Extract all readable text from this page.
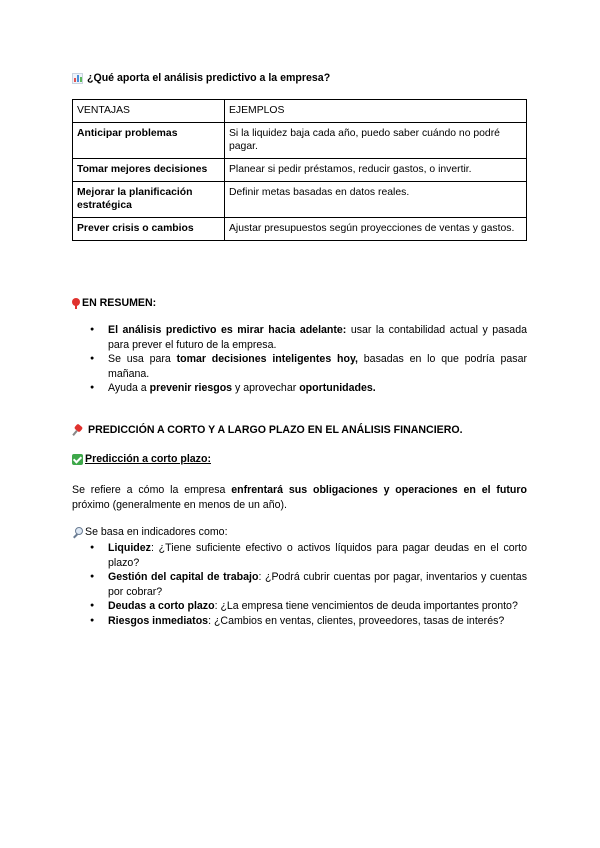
¿Qué aporta el análisis predictivo a la empresa?
VENTAJAS	EJEMPLOS
Anticipar problemas	Si la liquidez baja cada año, puedo saber cuándo no podré pagar.
Tomar mejores decisiones	Planear si pedir préstamos, reducir gastos, o invertir.
Mejorar la planificación estratégica	Definir metas basadas en datos reales.
Prever crisis o cambios	Ajustar presupuestos según proyecciones de ventas y gastos.
EN RESUMEN:
● El análisis predictivo es mirar hacia adelante: usar la contabilidad actual y pasada para prever el futuro de la empresa.
● Se usa para tomar decisiones inteligentes hoy, basadas en lo que podría pasar mañana.
● Ayuda a prevenir riesgos y aprovechar oportunidades.
PREDICCIÓN A CORTO Y A LARGO PLAZO EN EL ANÁLISIS FINANCIERO.
Predicción a corto plazo:
Se refiere a cómo la empresa enfrentará sus obligaciones y operaciones en el futuro próximo (generalmente en menos de un año).
Se basa en indicadores como:
● Liquidez: ¿Tiene suficiente efectivo o activos líquidos para pagar deudas en el corto plazo?
● Gestión del capital de trabajo: ¿Podrá cubrir cuentas por pagar, inventarios y cuentas por cobrar?
● Deudas a corto plazo: ¿La empresa tiene vencimientos de deuda importantes pronto?
● Riesgos inmediatos: ¿Cambios en ventas, clientes, proveedores, tasas de interés?
